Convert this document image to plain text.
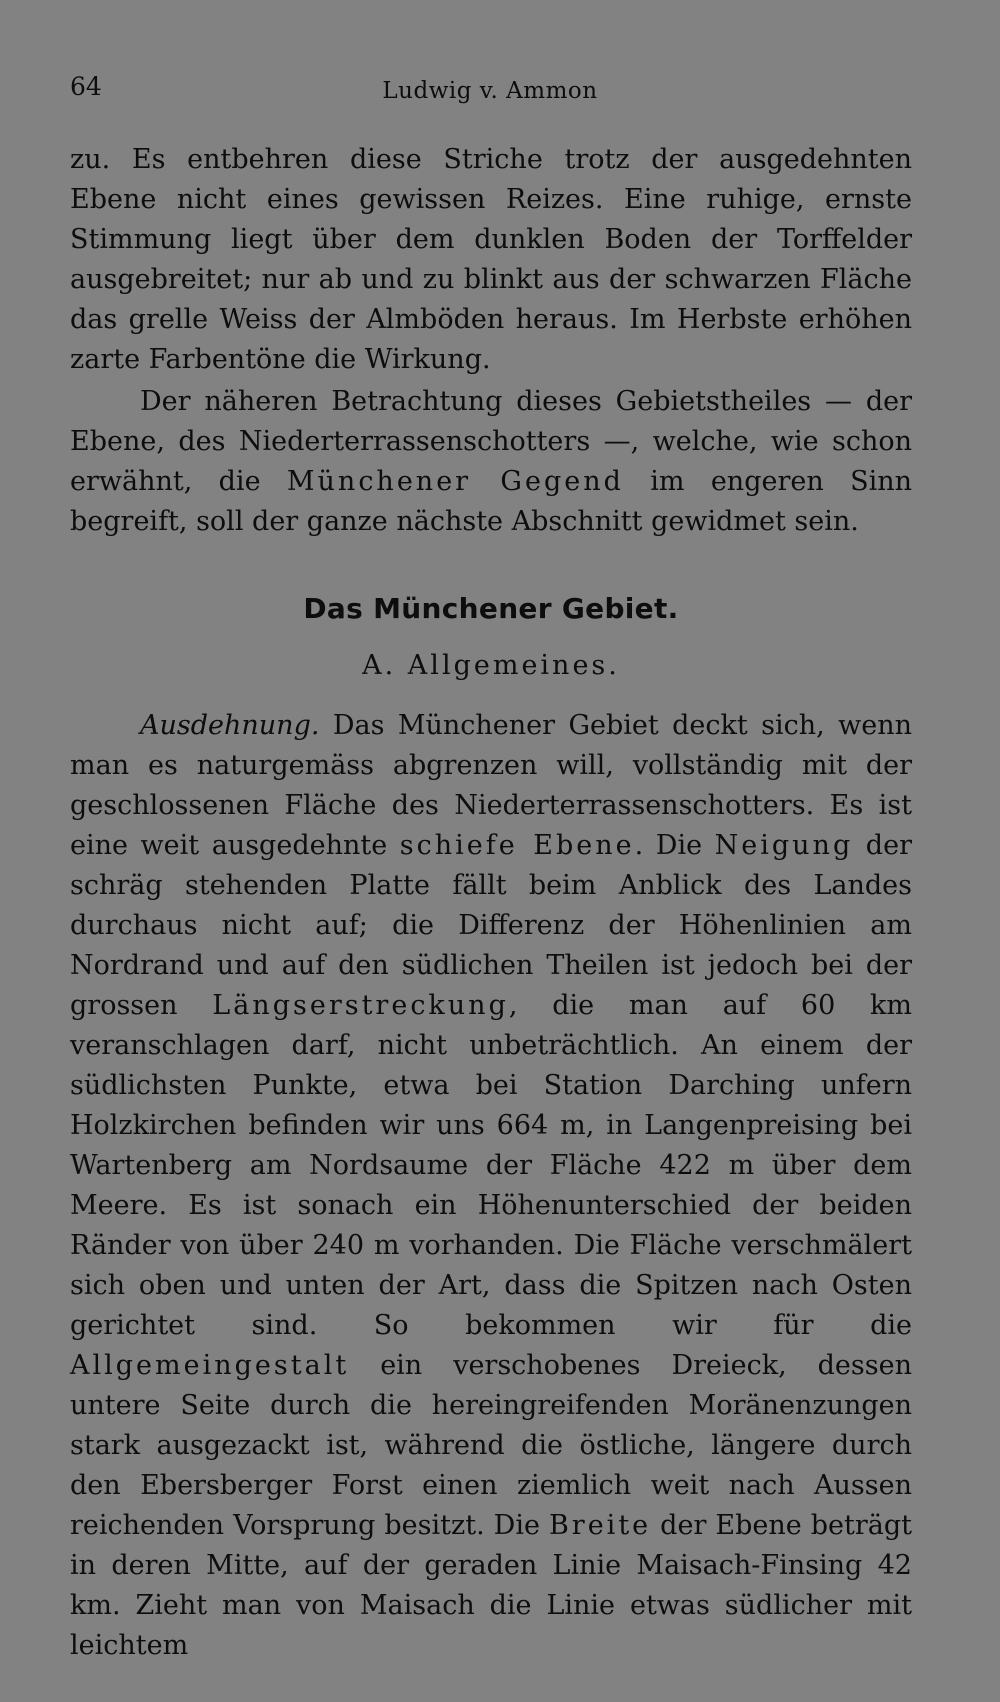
64	Ludwig v. Ammon

zu. Es entbehren diese Striche trotz der ausgedehnten Ebene nicht eines gewissen Reizes. Eine ruhige, ernste Stimmung liegt über dem dunklen Boden der Torffelder ausgebreitet; nur ab und zu blinkt aus der schwarzen Fläche das grelle Weiss der Almböden heraus. Im Herbste erhöhen zarte Farbentöne die Wirkung.

Der näheren Betrachtung dieses Gebietstheiles — der Ebene, des Niederterrassenschotters —, welche, wie schon erwähnt, die Münchener Gegend im engeren Sinn begreift, soll der ganze nächste Abschnitt gewidmet sein.

Das Münchener Gebiet.
A. Allgemeines.

Ausdehnung. Das Münchener Gebiet deckt sich, wenn man es naturgemäss abgrenzen will, vollständig mit der geschlossenen Fläche des Niederterrassenschotters. Es ist eine weit ausgedehnte schiefe Ebene. Die Neigung der schräg stehenden Platte fällt beim Anblick des Landes durchaus nicht auf; die Differenz der Höhenlinien am Nordrand und auf den südlichen Theilen ist jedoch bei der grossen Längserstreckung, die man auf 60 km veranschlagen darf, nicht unbeträchtlich. An einem der südlichsten Punkte, etwa bei Station Darching unfern Holzkirchen befinden wir uns 664 m, in Langenpreising bei Wartenberg am Nordsaume der Fläche 422 m über dem Meere. Es ist sonach ein Höhenunterschied der beiden Ränder von über 240 m vorhanden. Die Fläche verschmälert sich oben und unten der Art, dass die Spitzen nach Osten gerichtet sind. So bekommen wir für die Allgemeingestalt ein verschobenes Dreieck, dessen untere Seite durch die hereingreifenden Moränenzungen stark ausgezackt ist, während die östliche, längere durch den Ebersberger Forst einen ziemlich weit nach Aussen reichenden Vorsprung besitzt. Die Breite der Ebene beträgt in deren Mitte, auf der geraden Linie Maisach-Finsing 42 km. Zieht man von Maisach die Linie etwas südlicher mit leichtem
